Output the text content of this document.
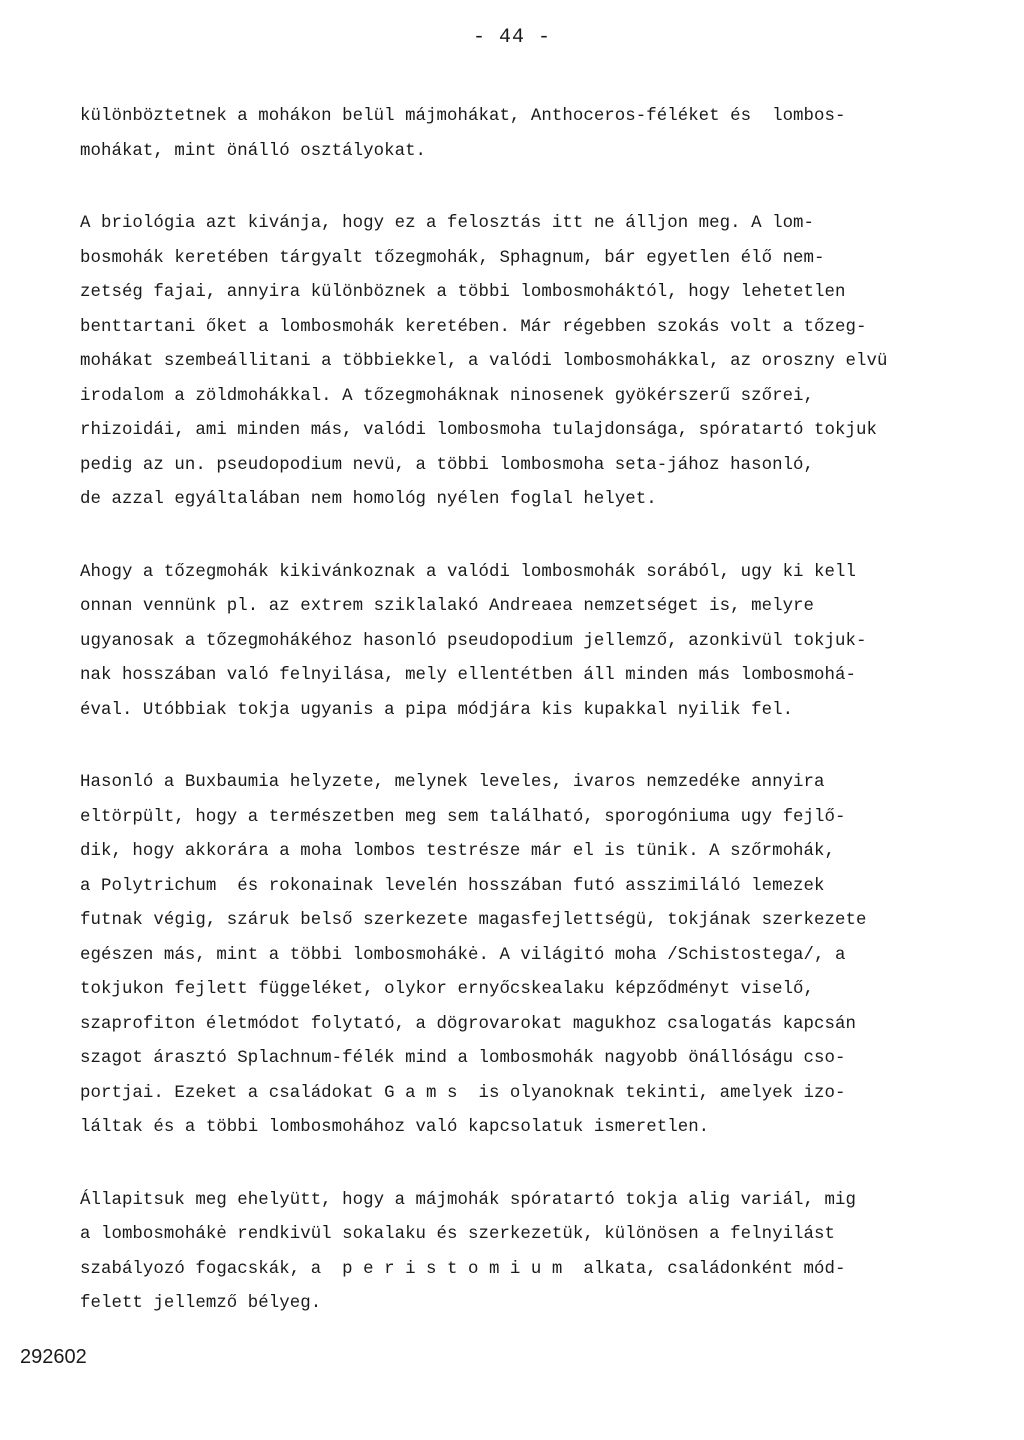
- 44 -
különböztetnek a mohákon belül májmohákat, Anthoceros-féléket és  lombos-
mohákat, mint önálló osztályokat.
A briológia azt kivánja, hogy ez a felosztás itt ne álljon meg. A lom-
bosmohák keretében tárgyalt tőzegmohák, Sphagnum, bár egyetlen élő nem-
zetség fajai, annyira különböznek a többi lombosmoháktól, hogy lehetetlen
benttartani őket a lombosmohák keretében. Már régebben szokás volt a tőzeg-
mohákat szembeállitani a többiekkel, a valódi lombosmohákkal, az oroszny elvü
irodalom a zöldmohákkal. A tőzegmoháknak ninosenek gyökérszerű szőrei,
rhizoidái, ami minden más, valódi lombosmoha tulajdonsága, spóratartó tokjuk
pedig az un. pseudopodium nevü, a többi lombosmoha seta-jához hasonló,
de azzal egyáltalában nem homológ nyélen foglal helyet.
Ahogy a tőzegmohák kikivánkoznak a valódi lombosmohák sorából, ugy ki kell
onnan vennünk pl. az extrem sziklalakó Andreaea nemzetséget is, melyre
ugyanosak a tőzegmohákéhoz hasonló pseudopodium jellemző, azonkivül tokjuk-
nak hosszában való felnyilása, mely ellentétben áll minden más lombosmohá-
éval. Utóbbiak tokja ugyanis a pipa módjára kis kupakkal nyilik fel.
Hasonló a Buxbaumia helyzete, melynek leveles, ivaros nemzedéke annyira
eltörpült, hogy a természetben meg sem található, sporogóniuma ugy fejlő-
dik, hogy akkorára a moha lombos testrésze már el is tünik. A szőrmohák,
a Polytrichum  és rokonainak levelén hosszában futó asszimiláló lemezek
futnak végig, száruk belső szerkezete magasfejlettségü, tokjának szerkezete
egészen más, mint a többi lombosmohákė. A világitó moha /Schistostega/, a
tokjukon fejlett függeléket, olykor ernyőcskealaku képződményt viselő,
szaprofiton életmódot folytató, a dögrovarokat magukhoz csalogatás kapcsán
szagot árasztó Splachnum-félék mind a lombosmohák nagyobb önállóságu cso-
portjai. Ezeket a családokat G a m s  is olyanoknak tekinti, amelyek izo-
láltak és a többi lombosmohához való kapcsolatuk ismeretlen.
Állapitsuk meg ehelyütt, hogy a májmohák spóratartó tokja alig variál, mig
a lombosmohákė rendkivül sokalaku és szerkezetük, különösen a felnyilást
szabályozó fogacskák, a  p e r i s t o m i u m  alkata, családonként mód-
felett jellemző bélyeg.
292602
